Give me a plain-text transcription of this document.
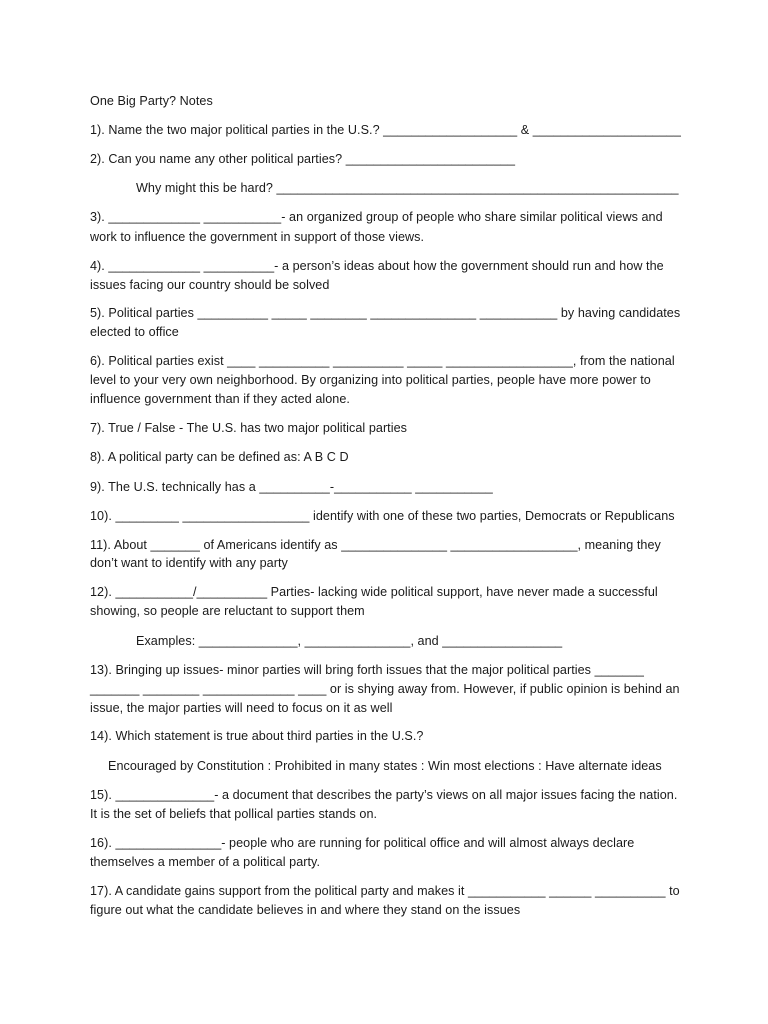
One Big Party? Notes
1). Name the two major political parties in the U.S.? ___________________ & _____________________
2). Can you name any other political parties? ________________________
Why might this be hard? _________________________________________________________
3). _____________ ___________- an organized group of people who share similar political views and
work to influence the government in support of those views.
4). _____________ __________- a person’s ideas about how the government should run and how the
issues facing our country should be solved
5). Political parties __________ _____ ________ _______________ ___________ by having candidates
elected to office
6). Political parties exist ____ __________ __________ _____ __________________, from the national
level to your very own neighborhood. By organizing into political parties, people have more power to
influence government than if they acted alone.
7). True / False - The U.S. has two major political parties
8). A political party can be defined as: A B C D
9). The U.S. technically has a __________-___________ ___________
10). _________ __________________ identify with one of these two parties, Democrats or Republicans
11). About _______ of Americans identify as _______________ __________________, meaning they
don’t want to identify with any party
12). ___________/__________ Parties- lacking wide political support, have never made a successful
showing, so people are reluctant to support them
Examples: ______________, _______________, and _________________
13). Bringing up issues- minor parties will bring forth issues that the major political parties _______
_______ ________ _____________ ____ or is shying away from. However, if public opinion is behind an
issue, the major parties will need to focus on it as well
14). Which statement is true about third parties in the U.S.?
Encouraged by Constitution : Prohibited in many states : Win most elections : Have alternate ideas
15). ______________- a document that describes the party’s views on all major issues facing the nation.
It is the set of beliefs that pollical parties stands on.
16). _______________- people who are running for political office and will almost always declare
themselves a member of a political party.
17). A candidate gains support from the political party and makes it ___________ ______ __________ to
figure out what the candidate believes in and where they stand on the issues
